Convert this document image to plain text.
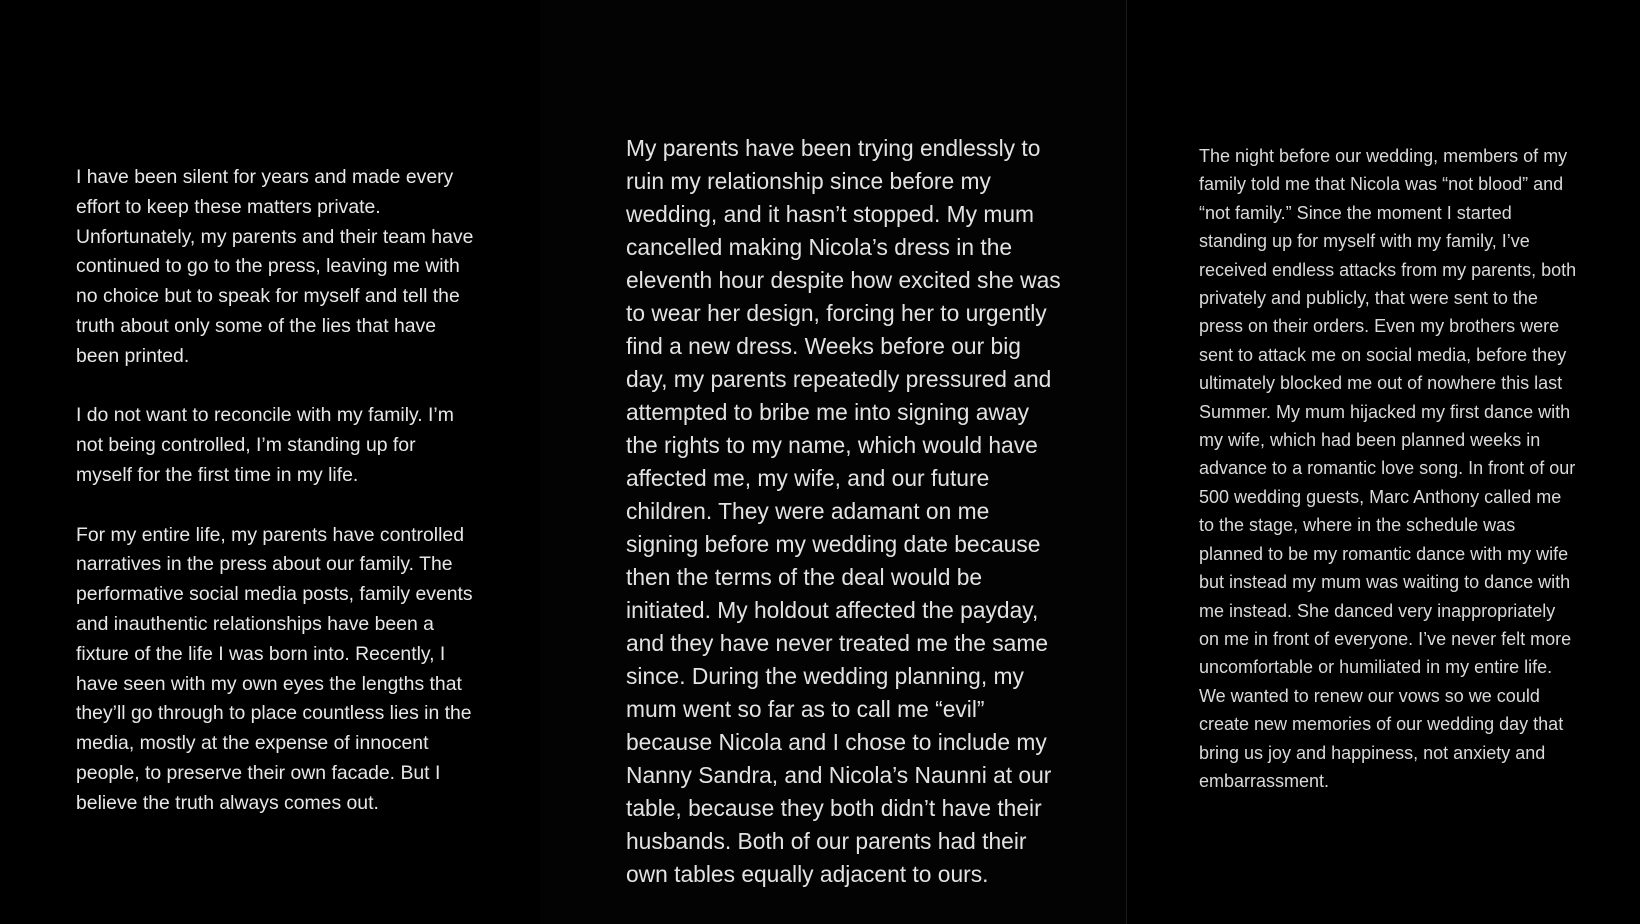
I have been silent for years and made every effort to keep these matters private. Unfortunately, my parents and their team have continued to go to the press, leaving me with no choice but to speak for myself and tell the truth about only some of the lies that have been printed.

I do not want to reconcile with my family. I’m not being controlled, I’m standing up for myself for the first time in my life.

For my entire life, my parents have controlled narratives in the press about our family. The performative social media posts, family events and inauthentic relationships have been a fixture of the life I was born into. Recently, I have seen with my own eyes the lengths that they’ll go through to place countless lies in the media, mostly at the expense of innocent people, to preserve their own facade. But I believe the truth always comes out.

My parents have been trying endlessly to ruin my relationship since before my wedding, and it hasn’t stopped. My mum cancelled making Nicola’s dress in the eleventh hour despite how excited she was to wear her design, forcing her to urgently find a new dress. Weeks before our big day, my parents repeatedly pressured and attempted to bribe me into signing away the rights to my name, which would have affected me, my wife, and our future children. They were adamant on me signing before my wedding date because then the terms of the deal would be initiated. My holdout affected the payday, and they have never treated me the same since. During the wedding planning, my mum went so far as to call me “evil” because Nicola and I chose to include my Nanny Sandra, and Nicola’s Naunni at our table, because they both didn’t have their husbands. Both of our parents had their own tables equally adjacent to ours.

The night before our wedding, members of my family told me that Nicola was “not blood” and “not family.” Since the moment I started standing up for myself with my family, I’ve received endless attacks from my parents, both privately and publicly, that were sent to the press on their orders. Even my brothers were sent to attack me on social media, before they ultimately blocked me out of nowhere this last Summer. My mum hijacked my first dance with my wife, which had been planned weeks in advance to a romantic love song. In front of our 500 wedding guests, Marc Anthony called me to the stage, where in the schedule was planned to be my romantic dance with my wife but instead my mum was waiting to dance with me instead. She danced very inappropriately on me in front of everyone. I’ve never felt more uncomfortable or humiliated in my entire life. We wanted to renew our vows so we could create new memories of our wedding day that bring us joy and happiness, not anxiety and embarrassment.
